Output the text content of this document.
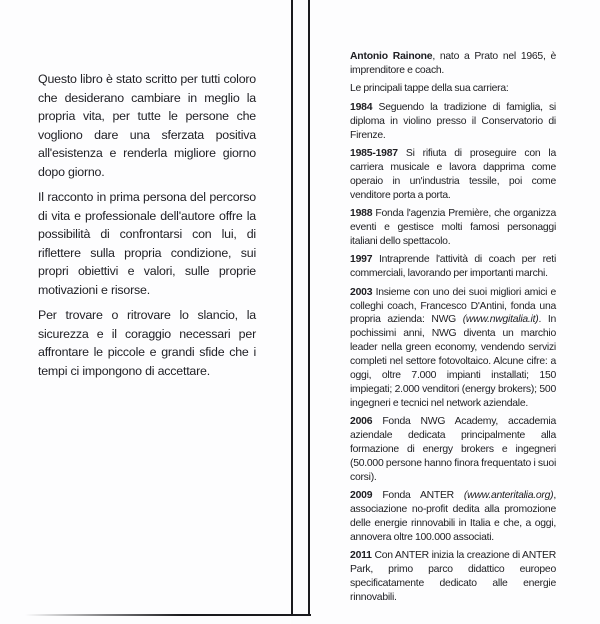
Questo libro è stato scritto per tutti coloro che desiderano cambiare in meglio la propria vita, per tutte le persone che vogliono dare una sferzata positiva all'esistenza e renderla migliore giorno dopo giorno.

Il racconto in prima persona del percorso di vita e professionale dell'autore offre la possibilità di confrontarsi con lui, di riflettere sulla propria condizione, sui propri obiettivi e valori, sulle proprie motivazioni e risorse.

Per trovare o ritrovare lo slancio, la sicurezza e il coraggio necessari per affrontare le piccole e grandi sfide che i tempi ci impongono di accettare.

Antonio Rainone, nato a Prato nel 1965, è imprenditore e coach.

Le principali tappe della sua carriera:

1984 Seguendo la tradizione di famiglia, si diploma in violino presso il Conservatorio di Firenze.

1985-1987 Si rifiuta di proseguire con la carriera musicale e lavora dapprima come operaio in un'industria tessile, poi come venditore porta a porta.

1988 Fonda l'agenzia Première, che organizza eventi e gestisce molti famosi personaggi italiani dello spettacolo.

1997 Intraprende l'attività di coach per reti commerciali, lavorando per importanti marchi.

2003 Insieme con uno dei suoi migliori amici e colleghi coach, Francesco D'Antini, fonda una propria azienda: NWG (www.nwgitalia.it). In pochissimi anni, NWG diventa un marchio leader nella green economy, vendendo servizi completi nel settore fotovoltaico. Alcune cifre: a oggi, oltre 7.000 impianti installati; 150 impiegati; 2.000 venditori (energy brokers); 500 ingegneri e tecnici nel network aziendale.

2006 Fonda NWG Academy, accademia aziendale dedicata principalmente alla formazione di energy brokers e ingegneri (50.000 persone hanno finora frequentato i suoi corsi).

2009 Fonda ANTER (www.anteritalia.org), associazione no-profit dedita alla promozione delle energie rinnovabili in Italia e che, a oggi, annovera oltre 100.000 associati.

2011 Con ANTER inizia la creazione di ANTER Park, primo parco didattico europeo specificatamente dedicato alle energie rinnovabili.
